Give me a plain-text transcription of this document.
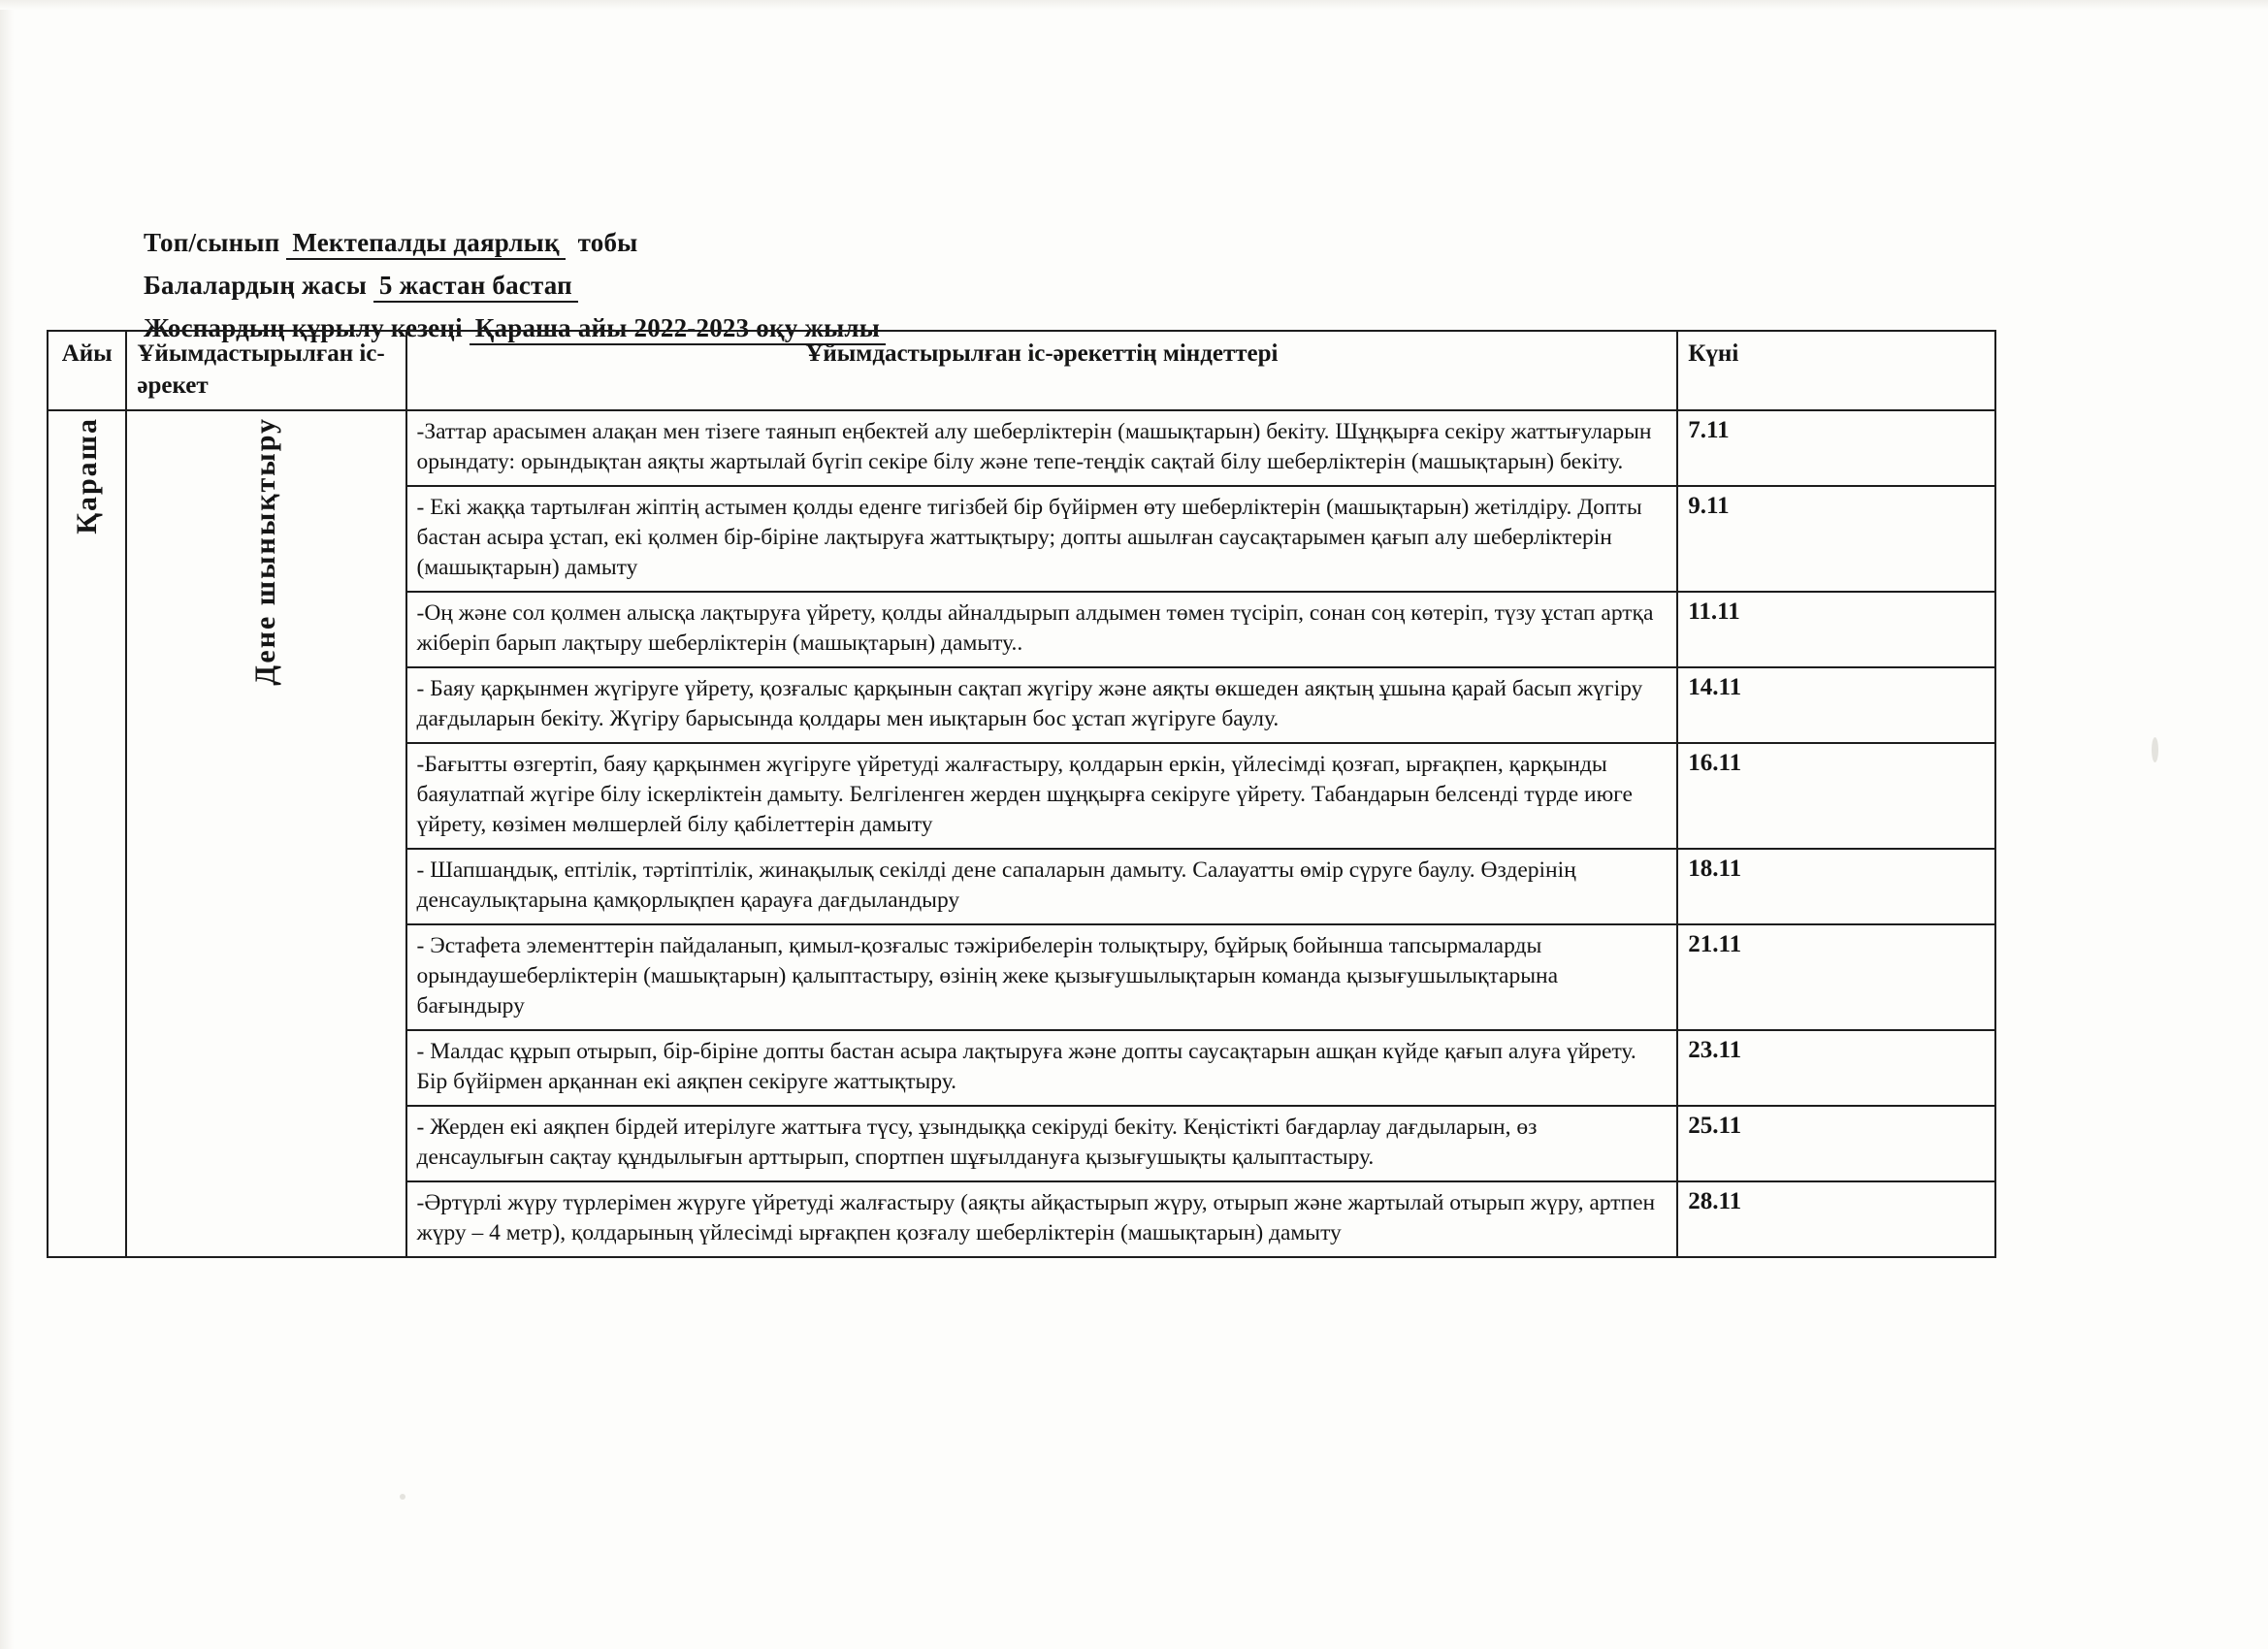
Топ/сынып Мектепалды даярлық тобы
Балалардың жасы 5 жастан бастап
Жоспардың құрылу кезеңі Қараша айы 2022-2023 оқу жылы
Айы	Ұйымдастырылған іс-әрекет	Ұйымдастырылған іс-әрекеттің міндеттері	Күні
Қараша	Дене шынықтыру	-Заттар арасымен алақан мен тізеге таянып еңбектей алу шеберліктерін (машықтарын) бекіту. Шұңқырға секіру жаттығуларын орындату: орындықтан аяқты жартылай бүгіп секіре білу және тепе-теңдік сақтай білу шеберліктерін (машықтарын) бекіту.	7.11
		- Екі жаққа тартылған жіптің астымен қолды еденге тигізбей бір бүйірмен өту шеберліктерін (машықтарын) жетілдіру. Допты бастан асыра ұстап, екі қолмен бір-біріне лақтыруға жаттықтыру; допты ашылған саусақтарымен қағып алу шеберліктерін (машықтарын) дамыту	9.11
		-Оң және сол қолмен алысқа лақтыруға үйрету, қолды айналдырып алдымен төмен түсіріп, сонан соң көтеріп, түзу ұстап артқа жіберіп барып лақтыру шеберліктерін (машықтарын) дамыту..	11.11
		- Баяу қарқынмен жүгіруге үйрету, қозғалыс қарқынын сақтап жүгіру және аяқты өкшеден аяқтың ұшына қарай басып жүгіру дағдыларын бекіту. Жүгіру барысында қолдары мен иықтарын бос ұстап жүгіруге баулу.	14.11
		-Бағытты өзгертіп, баяу қарқынмен жүгіруге үйретуді жалғастыру, қолдарын еркін, үйлесімді қозғап, ырғақпен, қарқынды баяулатпай жүгіре білу іскерліктеін дамыту. Белгіленген жерден шұңқырға секіруге үйрету. Табандарын белсенді түрде июге үйрету, көзімен мөлшерлей білу қабілеттерін дамыту	16.11
		- Шапшаңдық, ептілік, тәртіптілік, жинақылық секілді дене сапаларын дамыту. Салауатты өмір сүруге баулу. Өздерінің денсаулықтарына қамқорлықпен қарауға дағдыландыру	18.11
		- Эстафета элементтерін пайдаланып, қимыл-қозғалыс тәжірибелерін толықтыру, бұйрық бойынша тапсырмаларды орындаушеберліктерін (машықтарын) қалыптастыру, өзінің жеке қызығушылықтарын команда қызығушылықтарына бағындыру	21.11
		- Малдас құрып отырып, бір-біріне допты бастан асыра лақтыруға және допты саусақтарын ашқан күйде қағып алуға үйрету. Бір бүйірмен арқаннан екі аяқпен секіруге жаттықтыру.	23.11
		- Жерден екі аяқпен бірдей итерілуге жаттыға түсу, ұзындыққа секіруді бекіту. Кеңістікті бағдарлау дағдыларын, өз денсаулығын сақтау құндылығын арттырып, спортпен шұғылдануға қызығушықты қалыптастыру.	25.11
		-Әртүрлі жүру түрлерімен жүруге үйретуді жалғастыру (аяқты айқастырып жүру, отырып және жартылай отырып жүру, артпен жүру – 4 метр), қолдарының үйлесімді ырғақпен қозғалу шеберліктерін (машықтарын) дамыту	28.11
